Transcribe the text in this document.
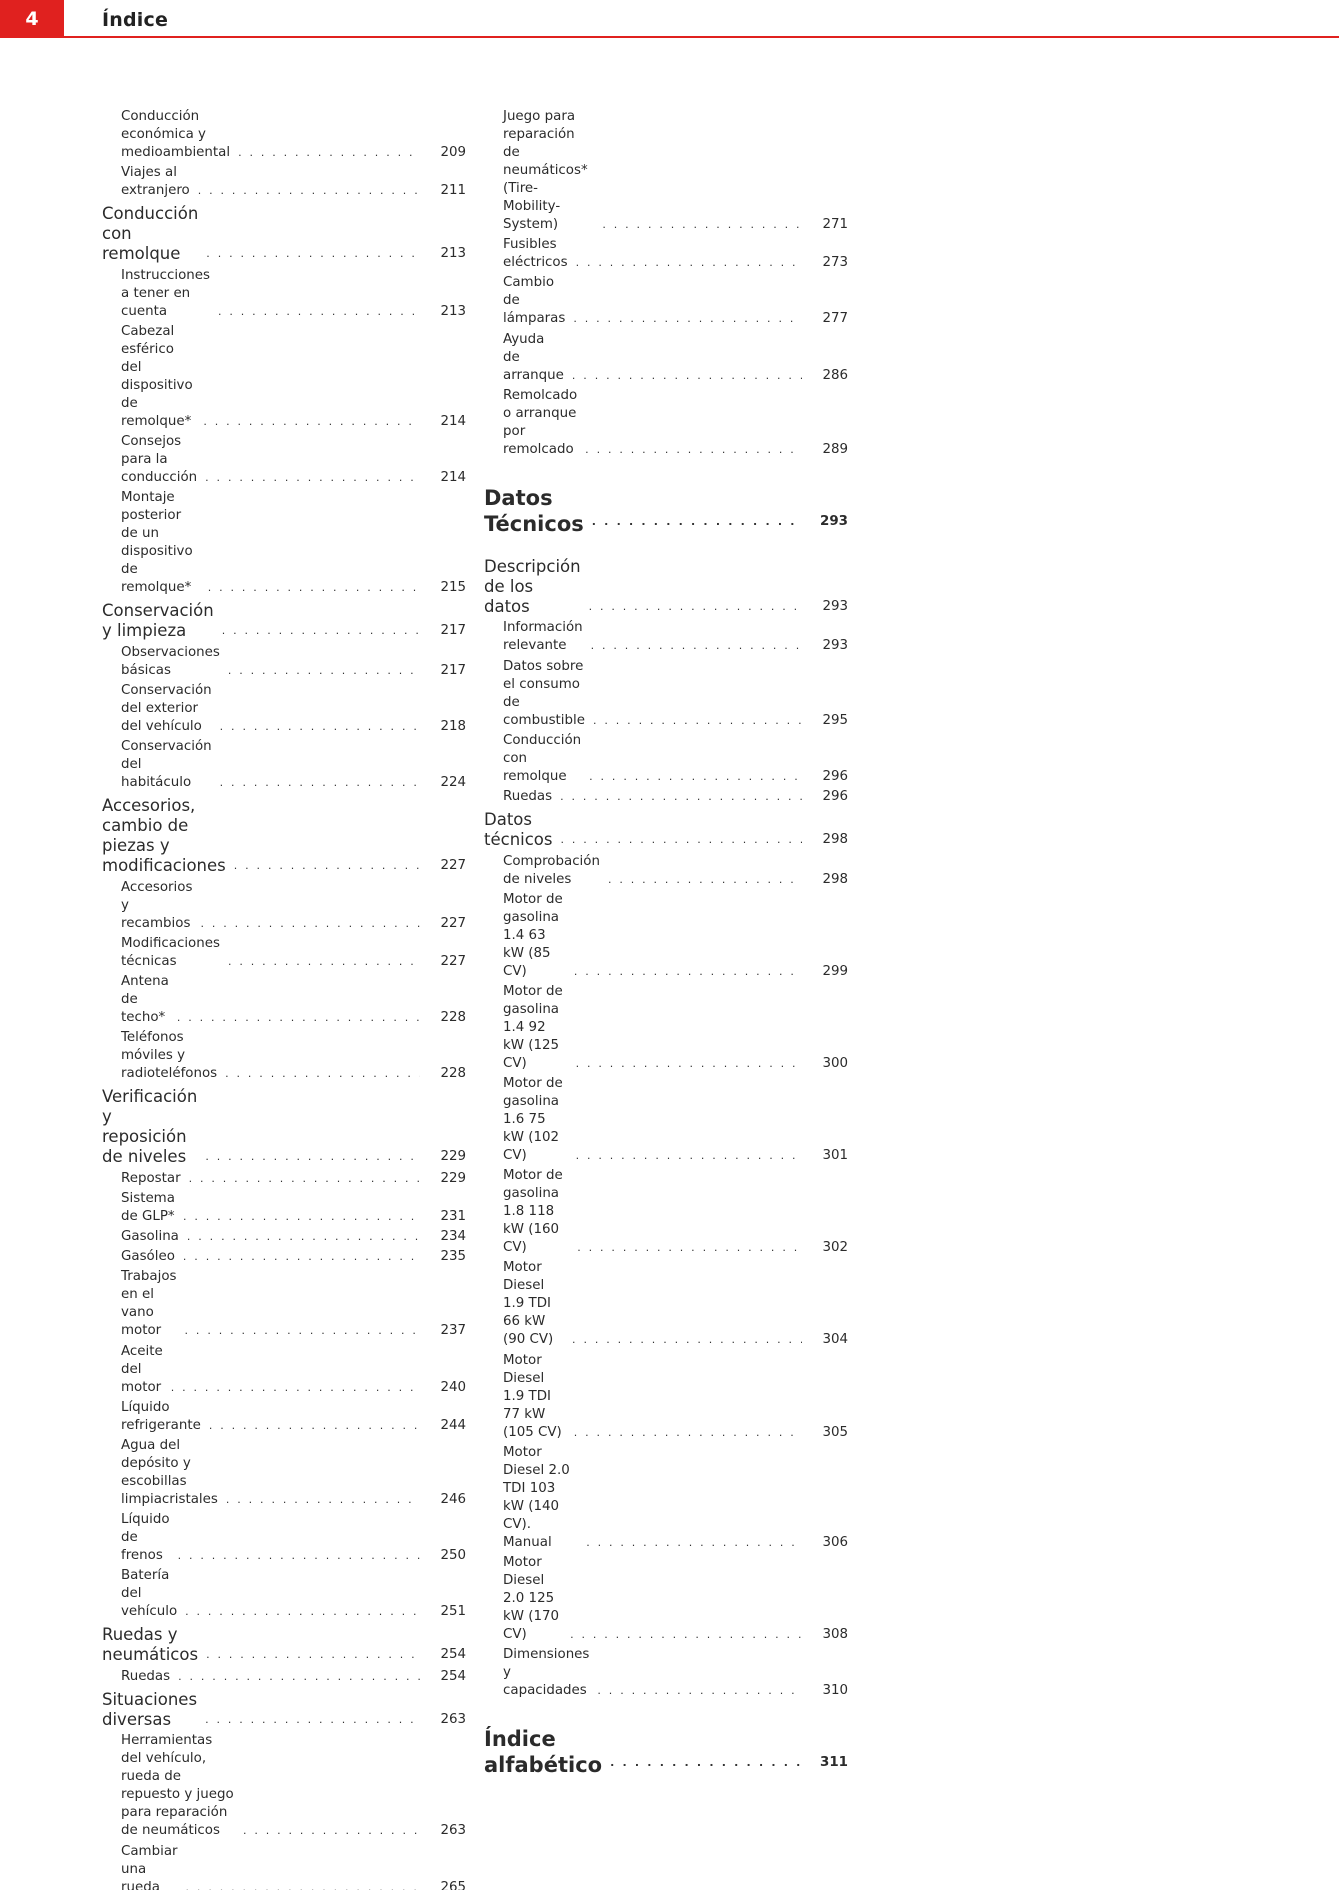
4	Índice
Conducción económica y medioambiental . . .	209
Viajes al extranjero . . .	211
Conducción con remolque . . .	213
Instrucciones a tener en cuenta . . .	213
Cabezal esférico del dispositivo de remolque* . . .	214
Consejos para la conducción . . .	214
Montaje posterior de un dispositivo de remolque* . . .	215
Conservación y limpieza . . .	217
Observaciones básicas . . .	217
Conservación del exterior del vehículo . . .	218
Conservación del habitáculo . . .	224
Accesorios, cambio de piezas y modificaciones . . .	227
Accesorios y recambios . . .	227
Modificaciones técnicas . . .	227
Antena de techo* . . .	228
Teléfonos móviles y radioteléfonos . . .	228
Verificación y reposición de niveles . . .	229
Repostar . . .	229
Sistema de GLP* . . .	231
Gasolina . . .	234
Gasóleo . . .	235
Trabajos en el vano motor . . .	237
Aceite del motor . . .	240
Líquido refrigerante . . .	244
Agua del depósito y escobillas limpiacristales . . .	246
Líquido de frenos . . .	250
Batería del vehículo . . .	251
Ruedas y neumáticos . . .	254
Ruedas . . .	254
Situaciones diversas . . .	263
Herramientas del vehículo, rueda de repuesto y juego para reparación de neumáticos . . .	263
Cambiar una rueda . . .	265
Juego para reparación de neumáticos* (Tire-Mobility-System) . . .	271
Fusibles eléctricos . . .	273
Cambio de lámparas . . .	277
Ayuda de arranque . . .	286
Remolcado o arranque por remolcado . . .	289
Datos Técnicos . . .	293
Descripción de los datos . . .	293
Información relevante . . .	293
Datos sobre el consumo de combustible . . .	295
Conducción con remolque . . .	296
Ruedas . . .	296
Datos técnicos . . .	298
Comprobación de niveles . . .	298
Motor de gasolina 1.4 63 kW (85 CV) . . .	299
Motor de gasolina 1.4 92 kW (125 CV) . . .	300
Motor de gasolina 1.6 75 kW (102 CV) . . .	301
Motor de gasolina 1.8 118 kW (160 CV) . . .	302
Motor Diesel 1.9 TDI 66 kW (90 CV) . . .	304
Motor Diesel 1.9 TDI 77 kW (105 CV) . . .	305
Motor Diesel 2.0 TDI 103 kW (140 CV). Manual . . .	306
Motor Diesel 2.0 125 kW (170 CV) . . .	308
Dimensiones y capacidades . . .	310
Índice alfabético . . .	311
